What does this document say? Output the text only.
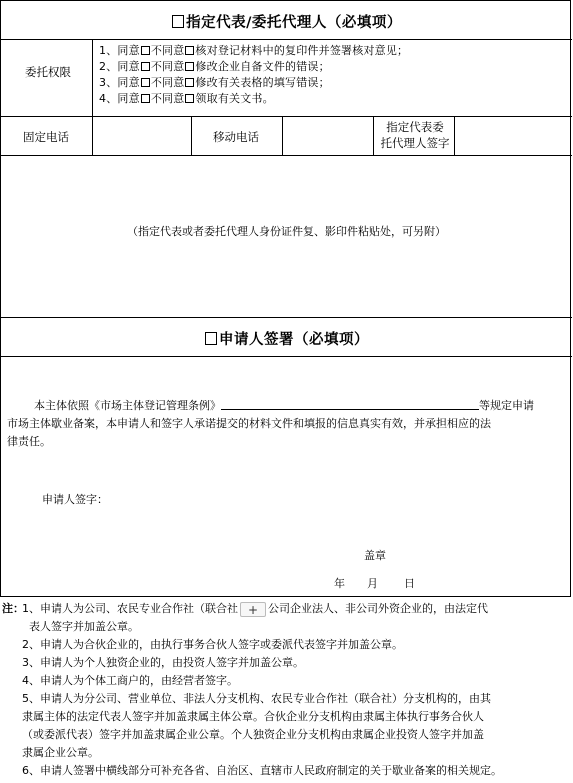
指定代表/委托代理人（必填项）
委托权限
1、同意 不同意 核对登记材料中的复印件并签署核对意见；
2、同意 不同意 修改企业自备文件的错误；
3、同意 不同意 修改有关表格的填写错误；
4、同意 不同意 领取有关文书。
固定电话	移动电话
指定代表委
托代理人签字
（指定代表或者委托代理人身份证件复、影印件粘贴处，可另附）
申请人签署（必填项）
本主体依照《市场主体登记管理条例》	等规定申请
市场主体歇业备案，本申请人和签字人承诺提交的材料文件和填报的信息真实有效，并承担相应的法
律责任。
申请人签字：
盖章
年 月 日
注：
1、申请人为公司、农民专业合作社（联合社 + 公司企业法人、非公司外资企业的，由法定代
表人签字并加盖公章。
2、申请人为合伙企业的，由执行事务合伙人签字或委派代表签字并加盖公章。
3、申请人为个人独资企业的，由投资人签字并加盖公章。
4、申请人为个体工商户的，由经营者签字。
5、申请人为分公司、营业单位、非法人分支机构、农民专业合作社（联合社）分支机构的，由其
隶属主体的法定代表人签字并加盖隶属主体公章。合伙企业分支机构由隶属主体执行事务合伙人
（或委派代表）签字并加盖隶属企业公章。个人独资企业分支机构由隶属企业投资人签字并加盖
隶属企业公章。
6、申请人签署中横线部分可补充各省、自治区、直辖市人民政府制定的关于歇业备案的相关规定。
